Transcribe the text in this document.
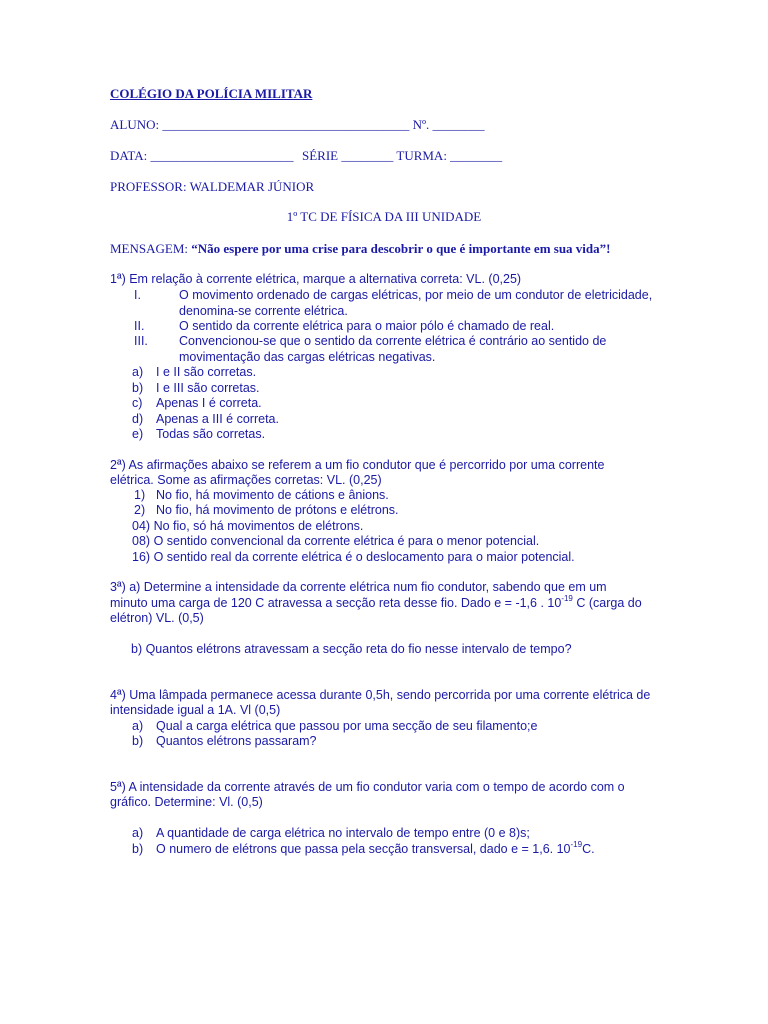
COLÉGIO DA POLÍCIA MILITAR
ALUNO: ______________________________________ Nº. ________
DATA: ______________________ SÉRIE ________ TURMA: ________
PROFESSOR: WALDEMAR JÚNIOR
1º TC DE FÍSICA DA III UNIDADE
MENSAGEM: “Não espere por uma crise para descobrir o que é importante em sua vida”!
1ª) Em relação à corrente elétrica, marque a alternativa correta: VL. (0,25)
I.	O movimento ordenado de cargas elétricas, por meio de um condutor de eletricidade,
denomina-se corrente elétrica.
II.	O sentido da corrente elétrica para o maior pólo é chamado de real.
III. Convencionou-se que o sentido da corrente elétrica é contrário ao sentido de
movimentação das cargas elétricas negativas.
a) I e II são corretas.
b) I e III são corretas.
c) Apenas I é correta.
d) Apenas a III é correta.
e) Todas são corretas.
2ª) As afirmações abaixo se referem a um fio condutor que é percorrido por uma corrente
elétrica. Some as afirmações corretas: VL. (0,25)
1) No fio, há movimento de cátions e ânions.
2) No fio, há movimento de prótons e elétrons.
04) No fio, só há movimentos de elétrons.
08) O sentido convencional da corrente elétrica é para o menor potencial.
16) O sentido real da corrente elétrica é o deslocamento para o maior potencial.
3ª) a) Determine a intensidade da corrente elétrica num fio condutor, sabendo que em um
minuto uma carga de 120 C atravessa a secção reta desse fio. Dado e = -1,6 . $10^{-19}$ C (carga do
elétron) VL. (0,5)
b) Quantos elétrons atravessam a secção reta do fio nesse intervalo de tempo?
4ª) Uma lâmpada permanece acessa durante 0,5h, sendo percorrida por uma corrente elétrica de
intensidade igual a 1A. Vl (0,5)
a) Qual a carga elétrica que passou por uma secção de seu filamento;e
b) Quantos elétrons passaram?
5ª) A intensidade da corrente através de um fio condutor varia com o tempo de acordo com o
gráfico. Determine: Vl. (0,5)
a) A quantidade de carga elétrica no intervalo de tempo entre (0 e 8)s;
b) O numero de elétrons que passa pela secção transversal, dado e = 1,6. $10^{-19}C$.
